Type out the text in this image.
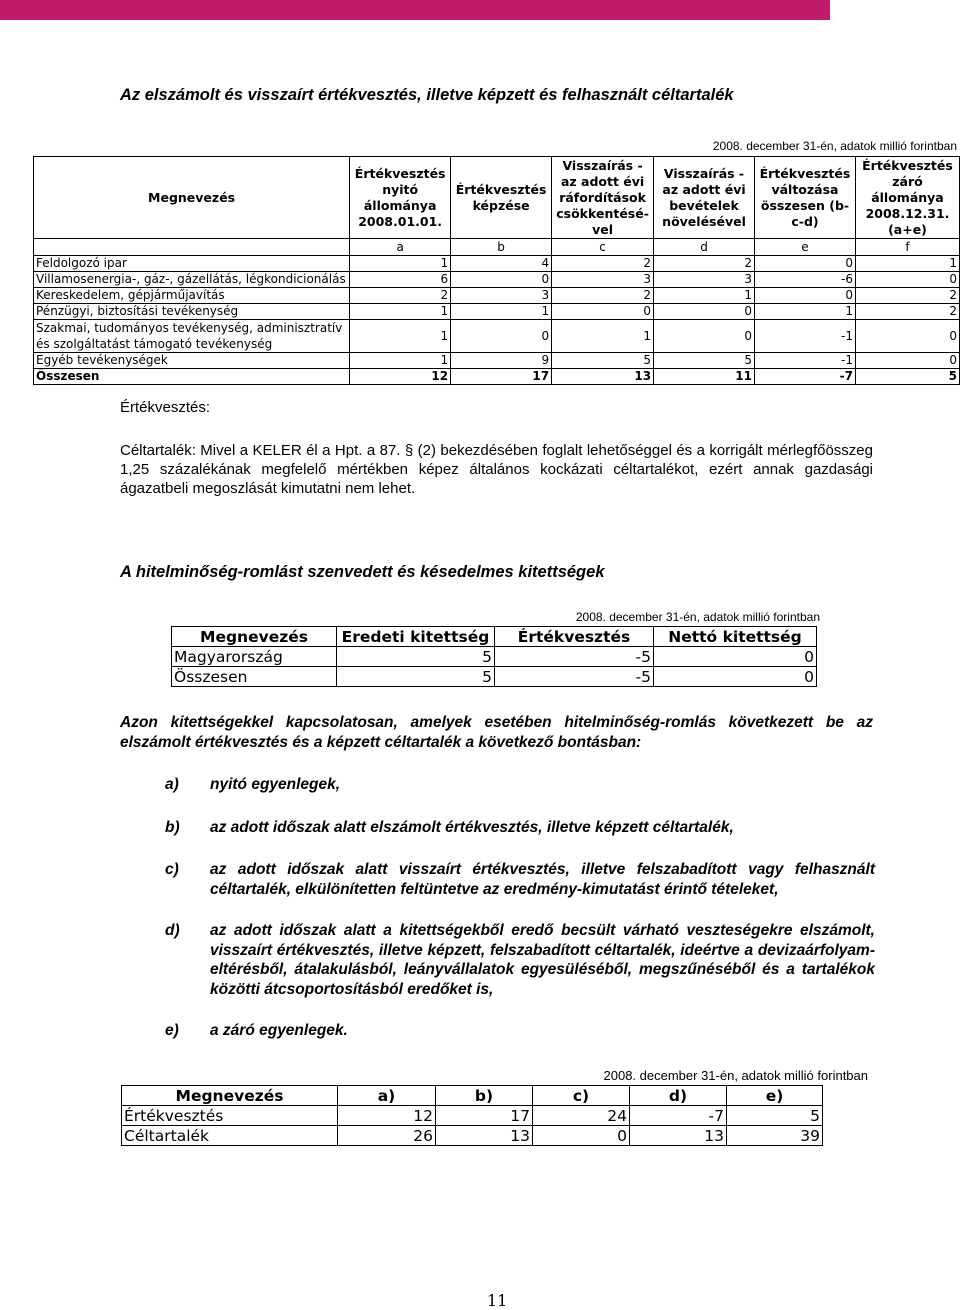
Az elszámolt és visszaírt értékvesztés, illetve képzett és felhasznált céltartalék
2008. december 31-én, adatok millió forintban
Megnevezés	Értékvesztés nyitó állománya 2008.01.01.	Értékvesztés képzése	Visszaírás - az adott évi ráfordítások csökkentésé-vel	Visszaírás - az adott évi bevételek növelésével	Értékvesztés változása összesen (b-c-d)	Értékvesztés záró állománya 2008.12.31. (a+e)
	a	b	c	d	e	f
Feldolgozó ipar	1	4	2	2	0	1
Villamosenergia-, gáz-, gázellátás, légkondicionálás	6	0	3	3	-6	0
Kereskedelem, gépjárműjavítás	2	3	2	1	0	2
Pénzügyi, biztosítási tevékenység	1	1	0	0	1	2
Szakmai, tudományos tevékenység, adminisztratív és szolgáltatást támogató tevékenység	1	0	1	0	-1	0
Egyéb tevékenységek	1	9	5	5	-1	0
Összesen	12	17	13	11	-7	5
Értékvesztés:
Céltartalék: Mivel a KELER él a Hpt. a 87. § (2) bekezdésében foglalt lehetőséggel és a korrigált mérlegfőösszeg 1,25 százalékának megfelelő mértékben képez általános kockázati céltartalékot, ezért annak gazdasági ágazatbeli megoszlását kimutatni nem lehet.
A hitelminőség-romlást szenvedett és késedelmes kitettségek
2008. december 31-én, adatok millió forintban
Megnevezés	Eredeti kitettség	Értékvesztés	Nettó kitettség
Magyarország	5	-5	0
Összesen	5	-5	0
Azon kitettségekkel kapcsolatosan, amelyek esetében hitelminőség-romlás következett be az elszámolt értékvesztés és a képzett céltartalék a következő bontásban:
a) nyitó egyenlegek,
b) az adott időszak alatt elszámolt értékvesztés, illetve képzett céltartalék,
c) az adott időszak alatt visszaírt értékvesztés, illetve felszabadított vagy felhasznált céltartalék, elkülönítetten feltüntetve az eredmény-kimutatást érintő tételeket,
d) az adott időszak alatt a kitettségekből eredő becsült várható veszteségekre elszámolt, visszaírt értékvesztés, illetve képzett, felszabadított céltartalék, ideértve a devizaárfolyam-eltérésből, átalakulásból, leányvállalatok egyesüléséből, megszűnéséből és a tartalékok közötti átcsoportosításból eredőket is,
e) a záró egyenlegek.
2008. december 31-én, adatok millió forintban
Megnevezés	a)	b)	c)	d)	e)
Értékvesztés	12	17	24	-7	5
Céltartalék	26	13	0	13	39
11
